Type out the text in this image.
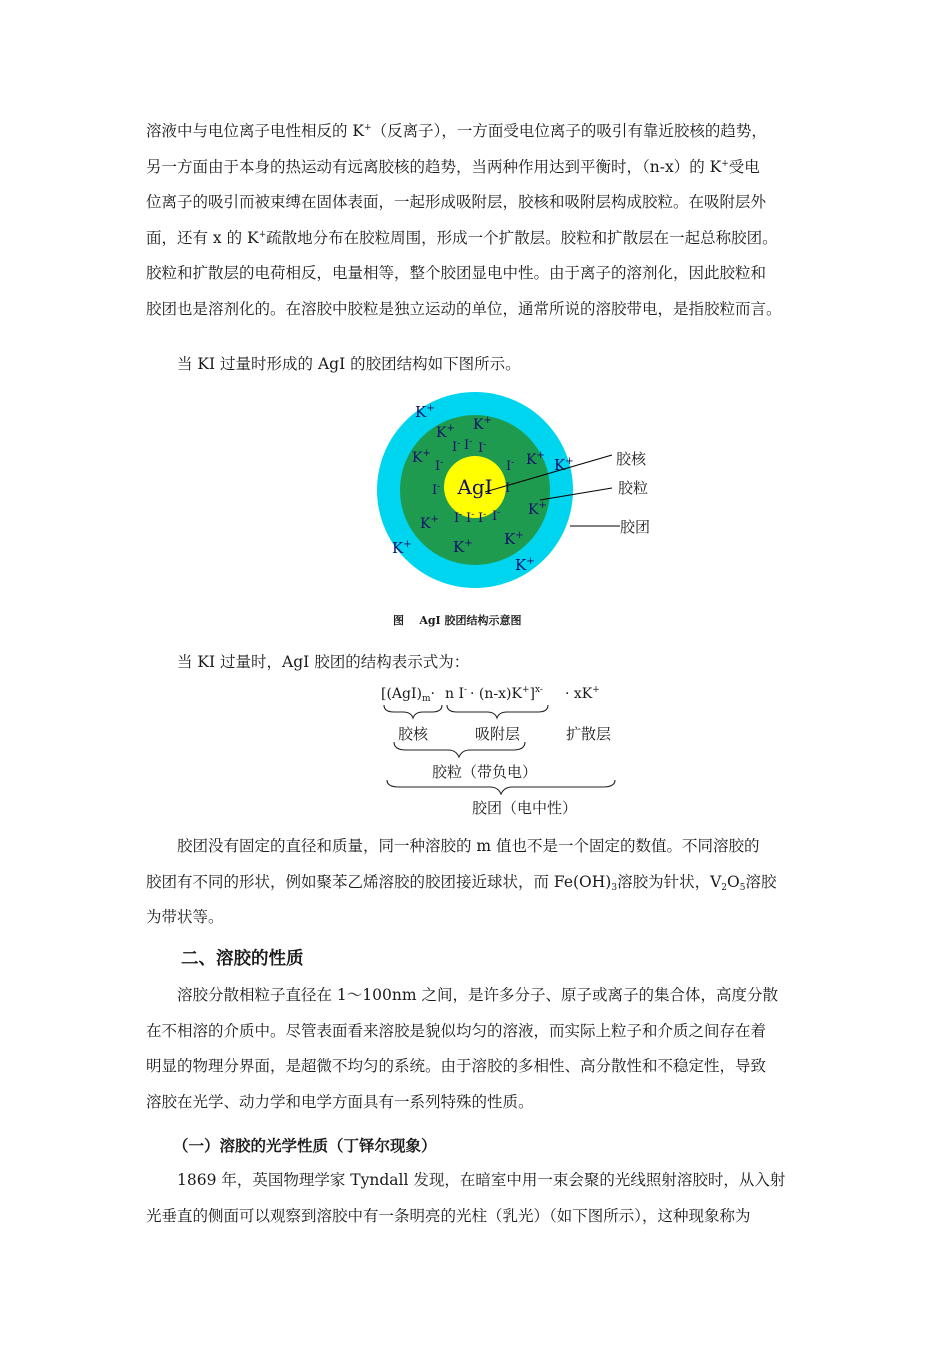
溶液中与电位离子电性相反的 K+（反离子），一方面受电位离子的吸引有靠近胶核的趋势，
另一方面由于本身的热运动有远离胶核的趋势，当两种作用达到平衡时，（n-x）的 K+受电
位离子的吸引而被束缚在固体表面，一起形成吸附层，胶核和吸附层构成胶粒。在吸附层外
面，还有 x 的 K+疏散地分布在胶粒周围，形成一个扩散层。胶粒和扩散层在一起总称胶团。
胶粒和扩散层的电荷相反，电量相等，整个胶团显电中性。由于离子的溶剂化，因此胶粒和
胶团也是溶剂化的。在溶胶中胶粒是独立运动的单位，通常所说的溶胶带电，是指胶粒而言。
当 KI 过量时形成的 AgI 的胶团结构如下图所示。
AgI
K+
K+
K+	K+ K+
K+
K+ K+
K+	K+
K+
K+
I- I- I-
I-	I-
I-	I-
I- I- I- I-
胶核
胶粒
胶团
图 AgI 胶团结构示意图
当 KI 过量时，AgI 胶团的结构表示式为：
[$(AgI)_m\cdot n$ I- · (n-x)K+]$^{x-}$ · xK+
胶核	吸附层	扩散层
胶粒（带负电）
胶团（电中性）
胶团没有固定的直径和质量，同一种溶胶的 m 值也不是一个固定的数值。不同溶胶的
胶团有不同的形状，例如聚苯乙烯溶胶的胶团接近球状，而 $Fe(OH)_3$溶胶为针状，$V_2O_5$溶胶
为带状等。
二、溶胶的性质
溶胶分散相粒子直径在 1～100nm 之间，是许多分子、原子或离子的集合体，高度分散
在不相溶的介质中。尽管表面看来溶胶是貌似均匀的溶液，而实际上粒子和介质之间存在着
明显的物理分界面，是超微不均匀的系统。由于溶胶的多相性、高分散性和不稳定性，导致
溶胶在光学、动力学和电学方面具有一系列特殊的性质。
（一）溶胶的光学性质（丁铎尔现象）
1869 年，英国物理学家 Tyndall 发现，在暗室中用一束会聚的光线照射溶胶时，从入射
光垂直的侧面可以观察到溶胶中有一条明亮的光柱（乳光）（如下图所示），这种现象称为
